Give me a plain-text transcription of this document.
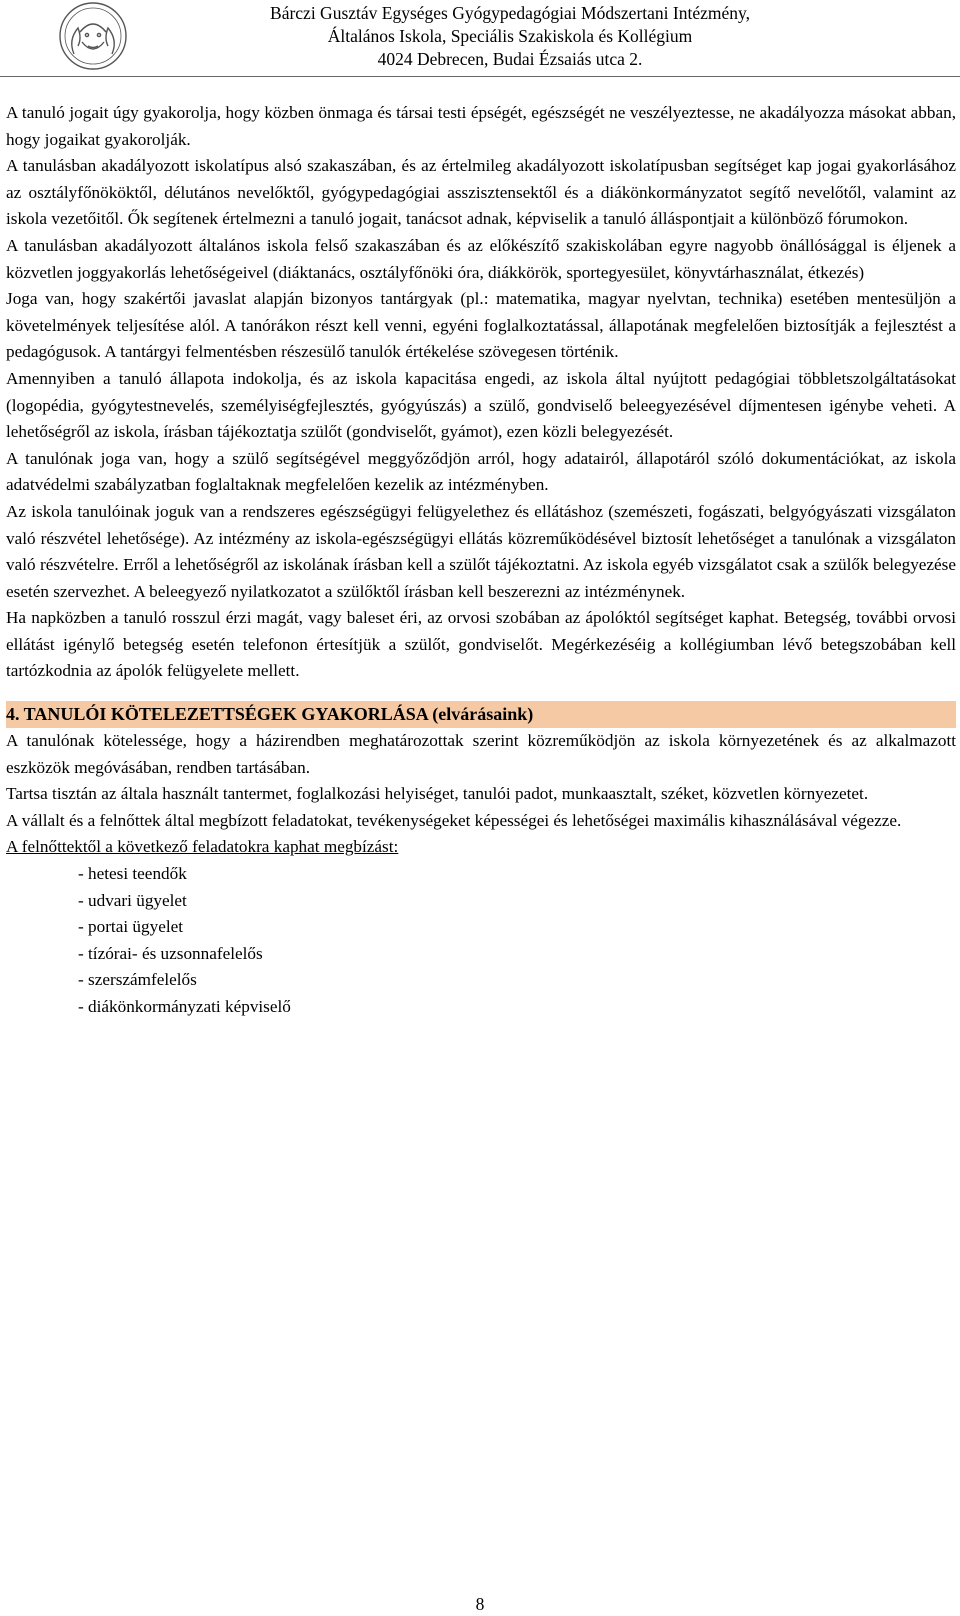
Bárczi Gusztáv Egységes Gyógypedagógiai Módszertani Intézmény,
Általános Iskola, Speciális Szakiskola és Kollégium
4024 Debrecen, Budai Ézsaiás utca 2.

A tanuló jogait úgy gyakorolja, hogy közben önmaga és társai testi épségét, egészségét ne veszélyeztesse, ne akadályozza másokat abban, hogy jogaikat gyakorolják.

A tanulásban akadályozott iskolatípus alsó szakaszában, és az értelmileg akadályozott iskolatípusban segítséget kap jogai gyakorlásához az osztályfőnököktől, délutános nevelőktől, gyógypedagógiai asszisztensektől és a diákönkormányzatot segítő nevelőtől, valamint az iskola vezetőitől. Ők segítenek értelmezni a tanuló jogait, tanácsot adnak, képviselik a tanuló álláspontjait a különböző fórumokon.

A tanulásban akadályozott általános iskola felső szakaszában és az előkészítő szakiskolában egyre nagyobb önállósággal is éljenek a közvetlen joggyakorlás lehetőségeivel (diáktanács, osztályfőnöki óra, diákkörök, sportegyesület, könyvtárhasználat, étkezés)

Joga van, hogy szakértői javaslat alapján bizonyos tantárgyak (pl.: matematika, magyar nyelvtan, technika) esetében mentesüljön a követelmények teljesítése alól. A tanórákon részt kell venni, egyéni foglalkoztatással, állapotának megfelelően biztosítják a fejlesztést a pedagógusok. A tantárgyi felmentésben részesülő tanulók értékelése szövegesen történik.

Amennyiben a tanuló állapota indokolja, és az iskola kapacitása engedi, az iskola által nyújtott pedagógiai többletszolgáltatásokat (logopédia, gyógytestnevelés, személyiségfejlesztés, gyógyúszás) a szülő, gondviselő beleegyezésével díjmentesen igénybe veheti. A lehetőségről az iskola, írásban tájékoztatja szülőt (gondviselőt, gyámot), ezen közli belegyezését.

A tanulónak joga van, hogy a szülő segítségével meggyőződjön arról, hogy adatairól, állapotáról szóló dokumentációkat, az iskola adatvédelmi szabályzatban foglaltaknak megfelelően kezelik az intézményben.

Az iskola tanulóinak joguk van a rendszeres egészségügyi felügyelethez és ellátáshoz (szemészeti, fogászati, belgyógyászati vizsgálaton való részvétel lehetősége). Az intézmény az iskola-egészségügyi ellátás közreműködésével biztosít lehetőséget a tanulónak a vizsgálaton való részvételre. Erről a lehetőségről az iskolának írásban kell a szülőt tájékoztatni. Az iskola egyéb vizsgálatot csak a szülők belegyezése esetén szervezhet. A beleegyező nyilatkozatot a szülőktől írásban kell beszerezni az intézménynek.

Ha napközben a tanuló rosszul érzi magát, vagy baleset éri, az orvosi szobában az ápolóktól segítséget kaphat. Betegség, további orvosi ellátást igénylő betegség esetén telefonon értesítjük a szülőt, gondviselőt. Megérkezéséig a kollégiumban lévő betegszobában kell tartózkodnia az ápolók felügyelete mellett.

4. TANULÓI KÖTELEZETTSÉGEK GYAKORLÁSA (elvárásaink)

A tanulónak kötelessége, hogy a házirendben meghatározottak szerint közreműködjön az iskola környezetének és az alkalmazott eszközök megóvásában, rendben tartásában.

Tartsa tisztán az általa használt tantermet, foglalkozási helyiséget, tanulói padot, munkaasztalt, széket, közvetlen környezetet.

A vállalt és a felnőttek által megbízott feladatokat, tevékenységeket képességei és lehetőségei maximális kihasználásával végezze.

A felnőttektől a következő feladatokra kaphat megbízást:

- hetesi teendők
- udvari ügyelet
- portai ügyelet
- tízórai- és uzsonnafelelős
- szerszámfelelős
- diákönkormányzati képviselő
8
